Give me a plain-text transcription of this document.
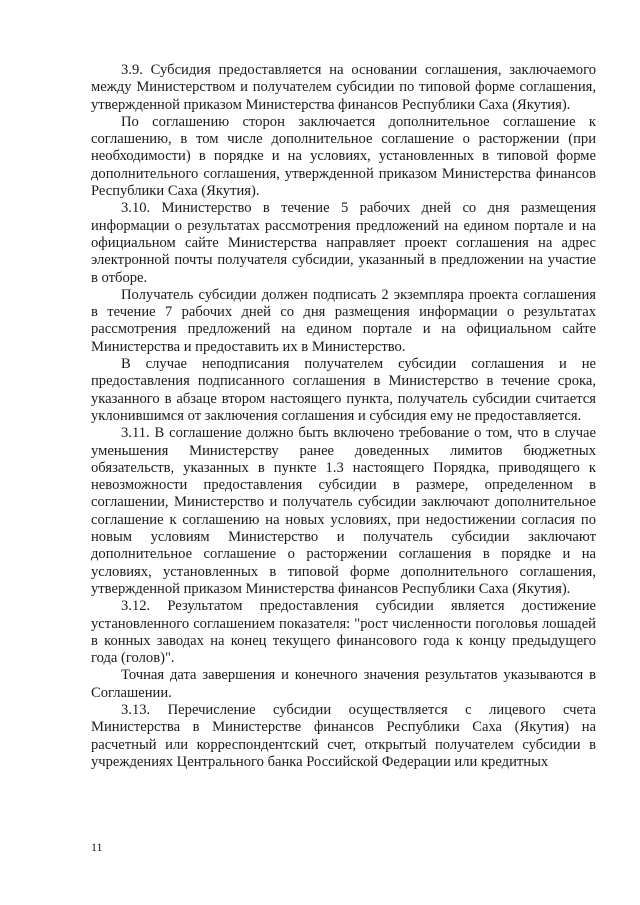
3.9. Субсидия предоставляется на основании соглашения, заключаемого между Министерством и получателем субсидии по типовой форме соглашения, утвержденной приказом Министерства финансов Республики Саха (Якутия).

По соглашению сторон заключается дополнительное соглашение к соглашению, в том числе дополнительное соглашение о расторжении (при необходимости) в порядке и на условиях, установленных в типовой форме дополнительного соглашения, утвержденной приказом Министерства финансов Республики Саха (Якутия).

3.10. Министерство в течение 5 рабочих дней со дня размещения информации о результатах рассмотрения предложений на едином портале и на официальном сайте Министерства направляет проект соглашения на адрес электронной почты получателя субсидии, указанный в предложении на участие в отборе.

Получатель субсидии должен подписать 2 экземпляра проекта соглашения в течение 7 рабочих дней со дня размещения информации о результатах рассмотрения предложений на едином портале и на официальном сайте Министерства и предоставить их в Министерство.

В случае неподписания получателем субсидии соглашения и не предоставления подписанного соглашения в Министерство в течение срока, указанного в абзаце втором настоящего пункта, получатель субсидии считается уклонившимся от заключения соглашения и субсидия ему не предоставляется.

3.11. В соглашение должно быть включено требование о том, что в случае уменьшения Министерству ранее доведенных лимитов бюджетных обязательств, указанных в пункте 1.3 настоящего Порядка, приводящего к невозможности предоставления субсидии в размере, определенном в соглашении, Министерство и получатель субсидии заключают дополнительное соглашение к соглашению на новых условиях, при недостижении согласия по новым условиям Министерство и получатель субсидии заключают дополнительное соглашение о расторжении соглашения в порядке и на условиях, установленных в типовой форме дополнительного соглашения, утвержденной приказом Министерства финансов Республики Саха (Якутия).

3.12. Результатом предоставления субсидии является достижение установленного соглашением показателя: "рост численности поголовья лошадей в конных заводах на конец текущего финансового года к концу предыдущего года (голов)".

Точная дата завершения и конечного значения результатов указываются в Соглашении.

3.13. Перечисление субсидии осуществляется с лицевого счета Министерства в Министерстве финансов Республики Саха (Якутия) на расчетный или корреспондентский счет, открытый получателем субсидии в учреждениях Центрального банка Российской Федерации или кредитных

11
